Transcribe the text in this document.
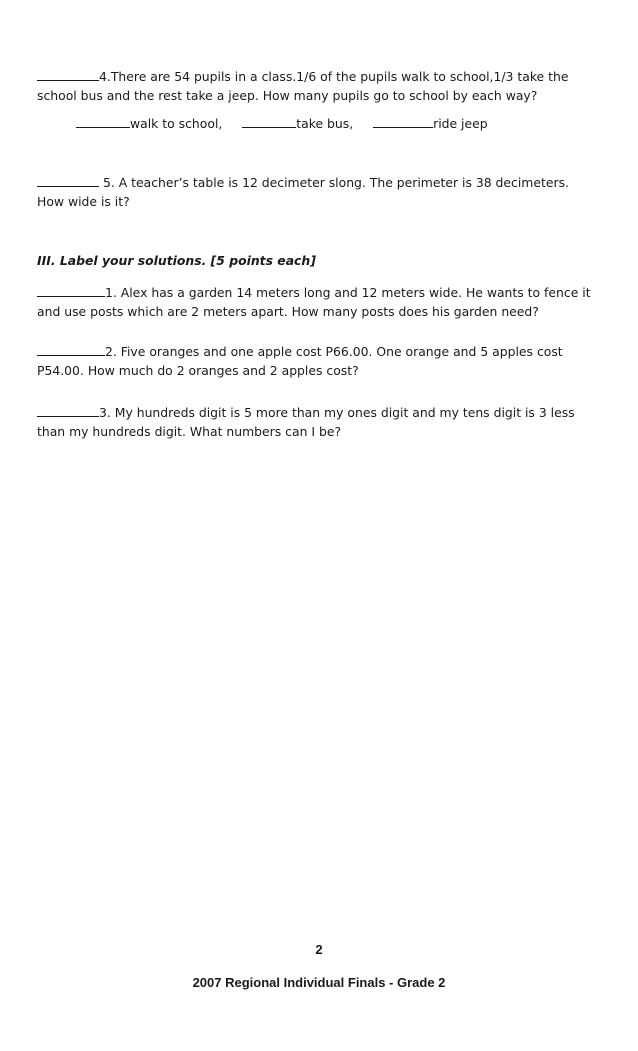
4.There are 54 pupils in a class.1/6 of the pupils walk to school,1/3 take the school bus and the rest take a jeep. How many pupils go to school by each way?

walk to school,	take bus,	ride jeep

5. A teacher’s table is 12 decimeter slong. The perimeter is 38 decimeters. How wide is it?

III. Label your solutions. [5 points each]

1. Alex has a garden 14 meters long and 12 meters wide. He wants to fence it and use posts which are 2 meters apart. How many posts does his garden need?

2. Five oranges and one apple cost P66.00. One orange and 5 apples cost P54.00. How much do 2 oranges and 2 apples cost?

3. My hundreds digit is 5 more than my ones digit and my tens digit is 3 less than my hundreds digit. What numbers can I be?

2
2007 Regional Individual Finals - Grade 2
